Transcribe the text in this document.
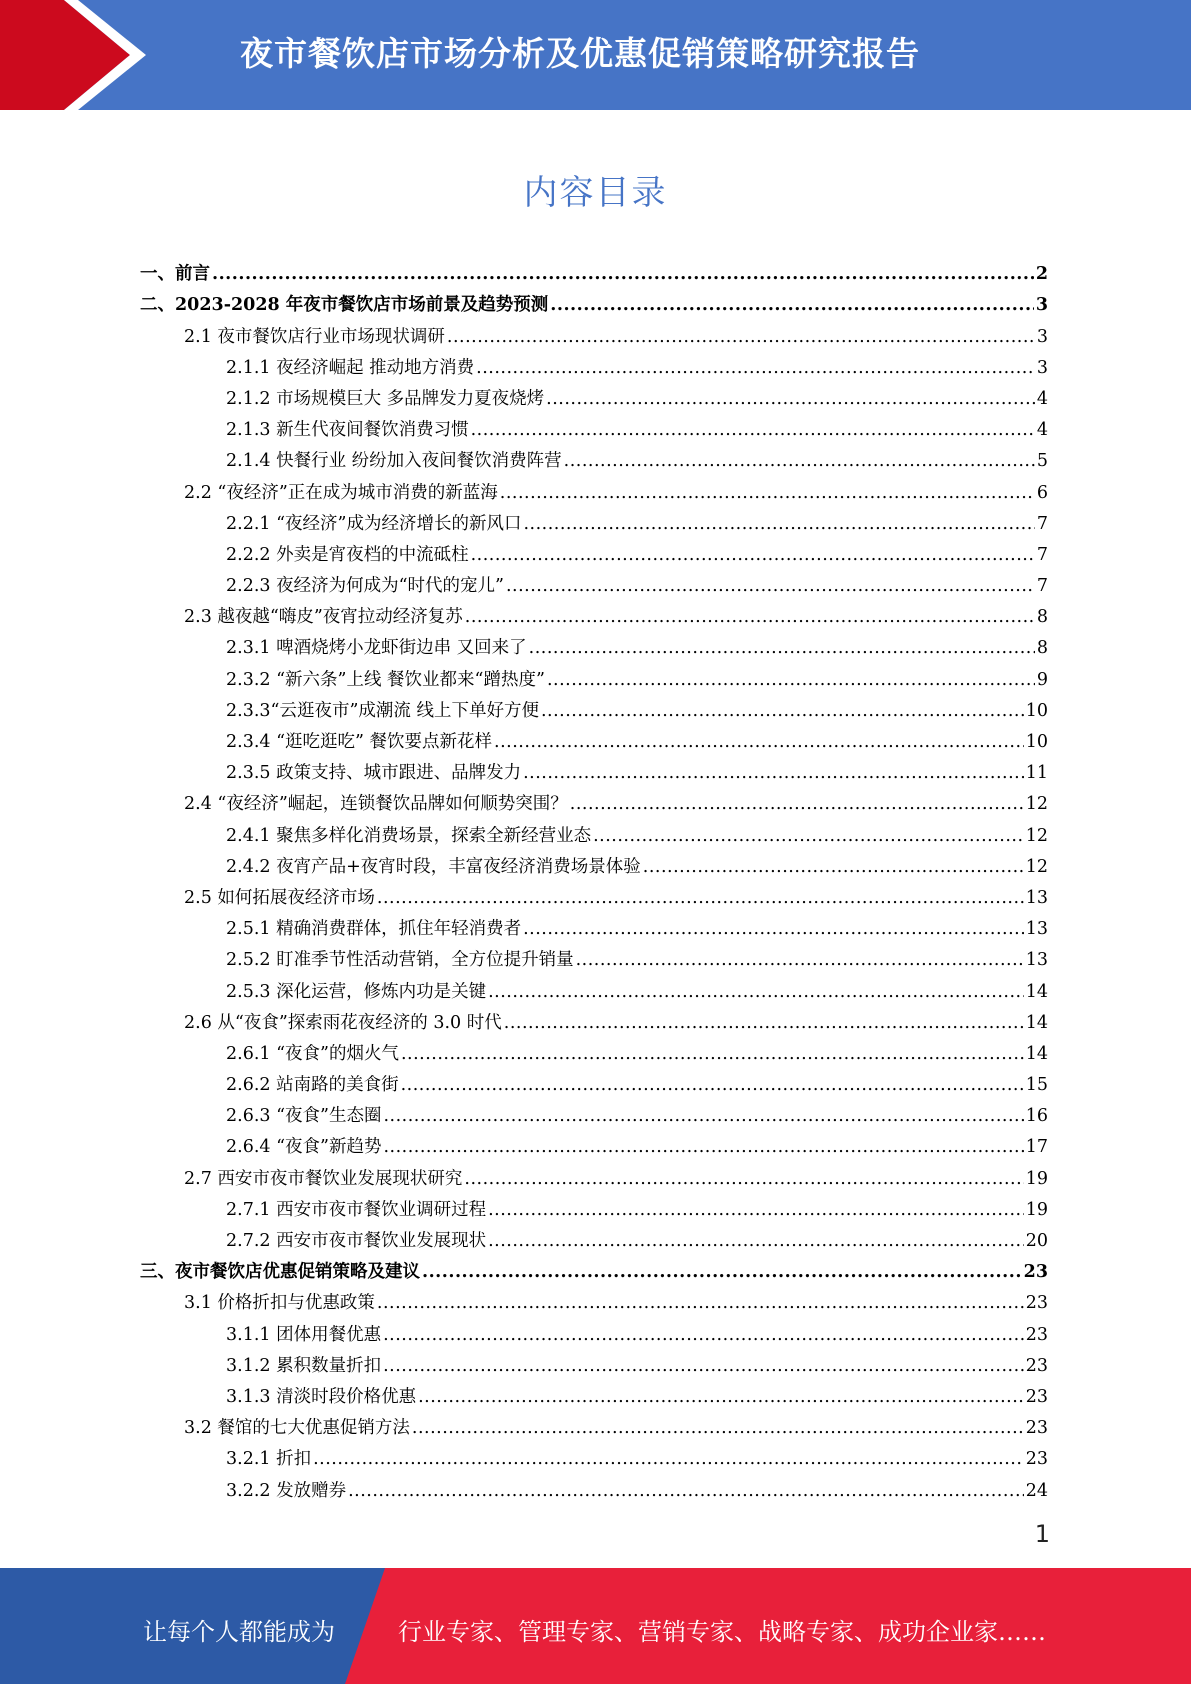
夜市餐饮店市场分析及优惠促销策略研究报告
内容目录
一、前言 .....	2
二、2023-2028 年夜市餐饮店市场前景及趋势预测 .....	3
2.1 夜市餐饮店行业市场现状调研 .....	3
2.1.1 夜经济崛起 推动地方消费 .....	3
2.1.2 市场规模巨大 多品牌发力夏夜烧烤 .....	4
2.1.3 新生代夜间餐饮消费习惯 .....	4
2.1.4 快餐行业 纷纷加入夜间餐饮消费阵营 .....	5
2.2 “夜经济”正在成为城市消费的新蓝海 .....	6
2.2.1 “夜经济”成为经济增长的新风口 .....	7
2.2.2 外卖是宵夜档的中流砥柱 .....	7
2.2.3 夜经济为何成为“时代的宠儿” .....	7
2.3 越夜越“嗨皮”夜宵拉动经济复苏 .....	8
2.3.1 啤酒烧烤小龙虾街边串 又回来了 .....	8
2.3.2 “新六条”上线 餐饮业都来“蹭热度” .....	9
2.3.3“云逛夜市”成潮流 线上下单好方便 .....	10
2.3.4 “逛吃逛吃” 餐饮要点新花样 .....	10
2.3.5 政策支持、城市跟进、品牌发力 .....	11
2.4 “夜经济”崛起，连锁餐饮品牌如何顺势突围？ .....	12
2.4.1 聚焦多样化消费场景，探索全新经营业态 .....	12
2.4.2 夜宵产品+夜宵时段，丰富夜经济消费场景体验 .....	12
2.5 如何拓展夜经济市场 .....	13
2.5.1 精确消费群体，抓住年轻消费者 .....	13
2.5.2 盯准季节性活动营销，全方位提升销量 .....	13
2.5.3 深化运营，修炼内功是关键 .....	14
2.6 从“夜食”探索雨花夜经济的 3.0 时代 .....	14
2.6.1 “夜食”的烟火气 .....	14
2.6.2 站南路的美食街 .....	15
2.6.3 “夜食”生态圈 .....	16
2.6.4 “夜食”新趋势 .....	17
2.7 西安市夜市餐饮业发展现状研究 .....	19
2.7.1 西安市夜市餐饮业调研过程 .....	19
2.7.2 西安市夜市餐饮业发展现状 .....	20
三、夜市餐饮店优惠促销策略及建议 .....	23
3.1 价格折扣与优惠政策 .....	23
3.1.1 团体用餐优惠 .....	23
3.1.2 累积数量折扣 .....	23
3.1.3 清淡时段价格优惠 .....	23
3.2 餐馆的七大优惠促销方法 .....	23
3.2.1 折扣 .....	23
3.2.2 发放赠券 .....	24
1
让每个人都能成为	行业专家、管理专家、营销专家、战略专家、成功企业家……
